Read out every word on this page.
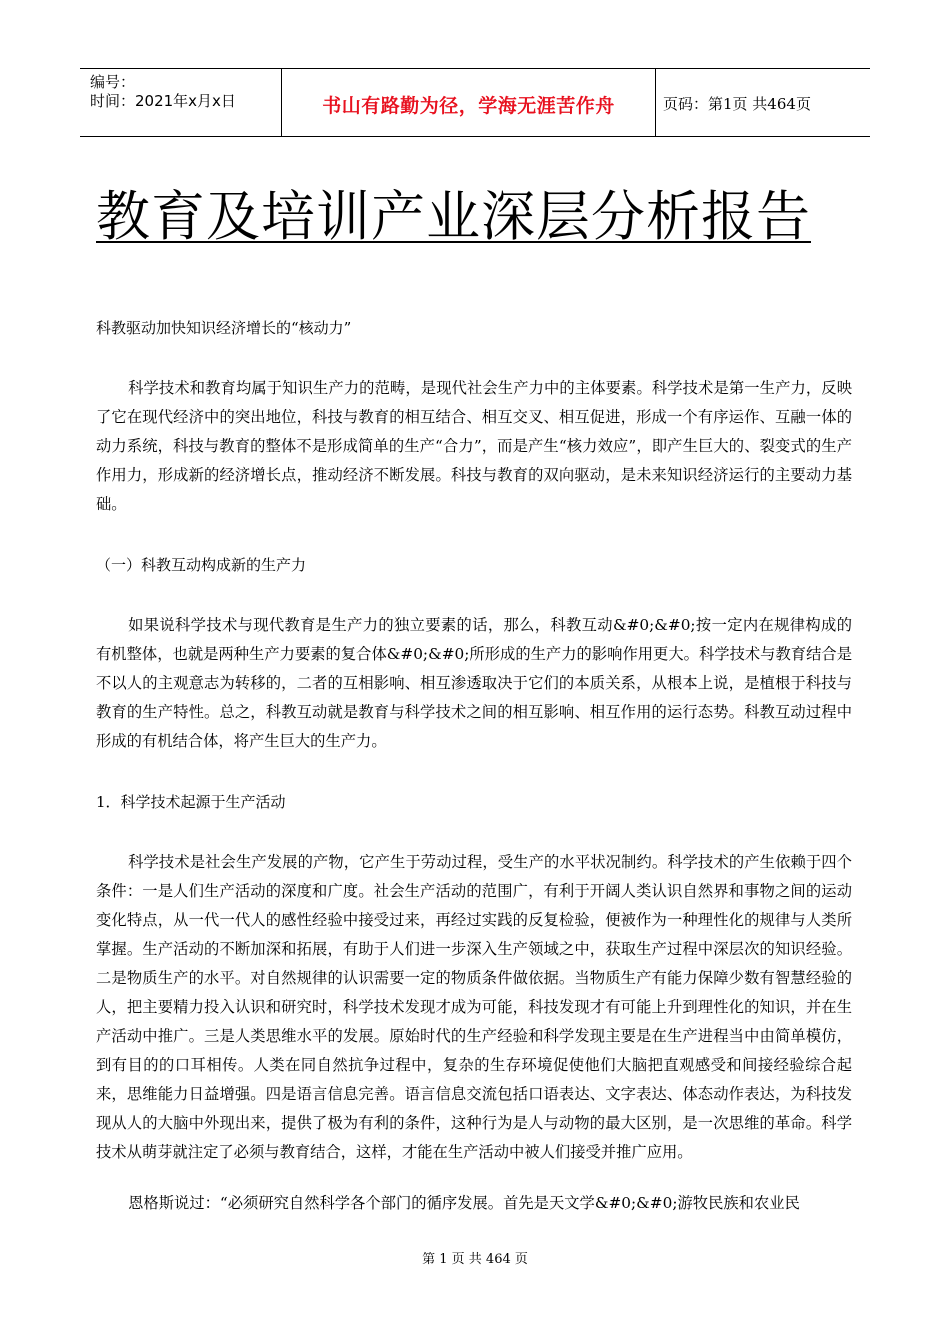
编号：
时间：2021年x月x日	书山有路勤为径，学海无涯苦作舟	页码：第1页 共464页
教育及培训产业深层分析报告

科教驱动加快知识经济增长的“核动力”

科学技术和教育均属于知识生产力的范畴，是现代社会生产力中的主体要素。科学技术是第一生产力，反映了它在现代经济中的突出地位，科技与教育的相互结合、相互交叉、相互促进，形成一个有序运作、互融一体的动力系统，科技与教育的整体不是形成简单的生产“合力”，而是产生“核力效应”，即产生巨大的、裂变式的生产作用力，形成新的经济增长点，推动经济不断发展。科技与教育的双向驱动，是未来知识经济运行的主要动力基础。

（一）科教互动构成新的生产力

如果说科学技术与现代教育是生产力的独立要素的话，那么，科教互动&#0;&#0;按一定内在规律构成的有机整体，也就是两种生产力要素的复合体&#0;&#0;所形成的生产力的影响作用更大。科学技术与教育结合是不以人的主观意志为转移的，二者的互相影响、相互渗透取决于它们的本质关系，从根本上说，是植根于科技与教育的生产特性。总之，科教互动就是教育与科学技术之间的相互影响、相互作用的运行态势。科教互动过程中形成的有机结合体，将产生巨大的生产力。

1．科学技术起源于生产活动

科学技术是社会生产发展的产物，它产生于劳动过程，受生产的水平状况制约。科学技术的产生依赖于四个条件：一是人们生产活动的深度和广度。社会生产活动的范围广，有利于开阔人类认识自然界和事物之间的运动变化特点，从一代一代人的感性经验中接受过来，再经过实践的反复检验，便被作为一种理性化的规律与人类所掌握。生产活动的不断加深和拓展，有助于人们进一步深入生产领域之中，获取生产过程中深层次的知识经验。二是物质生产的水平。对自然规律的认识需要一定的物质条件做依据。当物质生产有能力保障少数有智慧经验的人，把主要精力投入认识和研究时，科学技术发现才成为可能，科技发现才有可能上升到理性化的知识，并在生产活动中推广。三是人类思维水平的发展。原始时代的生产经验和科学发现主要是在生产进程当中由简单模仿，到有目的的口耳相传。人类在同自然抗争过程中，复杂的生存环境促使他们大脑把直观感受和间接经验综合起来，思维能力日益增强。四是语言信息完善。语言信息交流包括口语表达、文字表达、体态动作表达，为科技发现从人的大脑中外现出来，提供了极为有利的条件，这种行为是人与动物的最大区别，是一次思维的革命。科学技术从萌芽就注定了必须与教育结合，这样，才能在生产活动中被人们接受并推广应用。

恩格斯说过：“必须研究自然科学各个部门的循序发展。首先是天文学&#0;&#0;游牧民族和农业民

第 1 页 共 464 页
